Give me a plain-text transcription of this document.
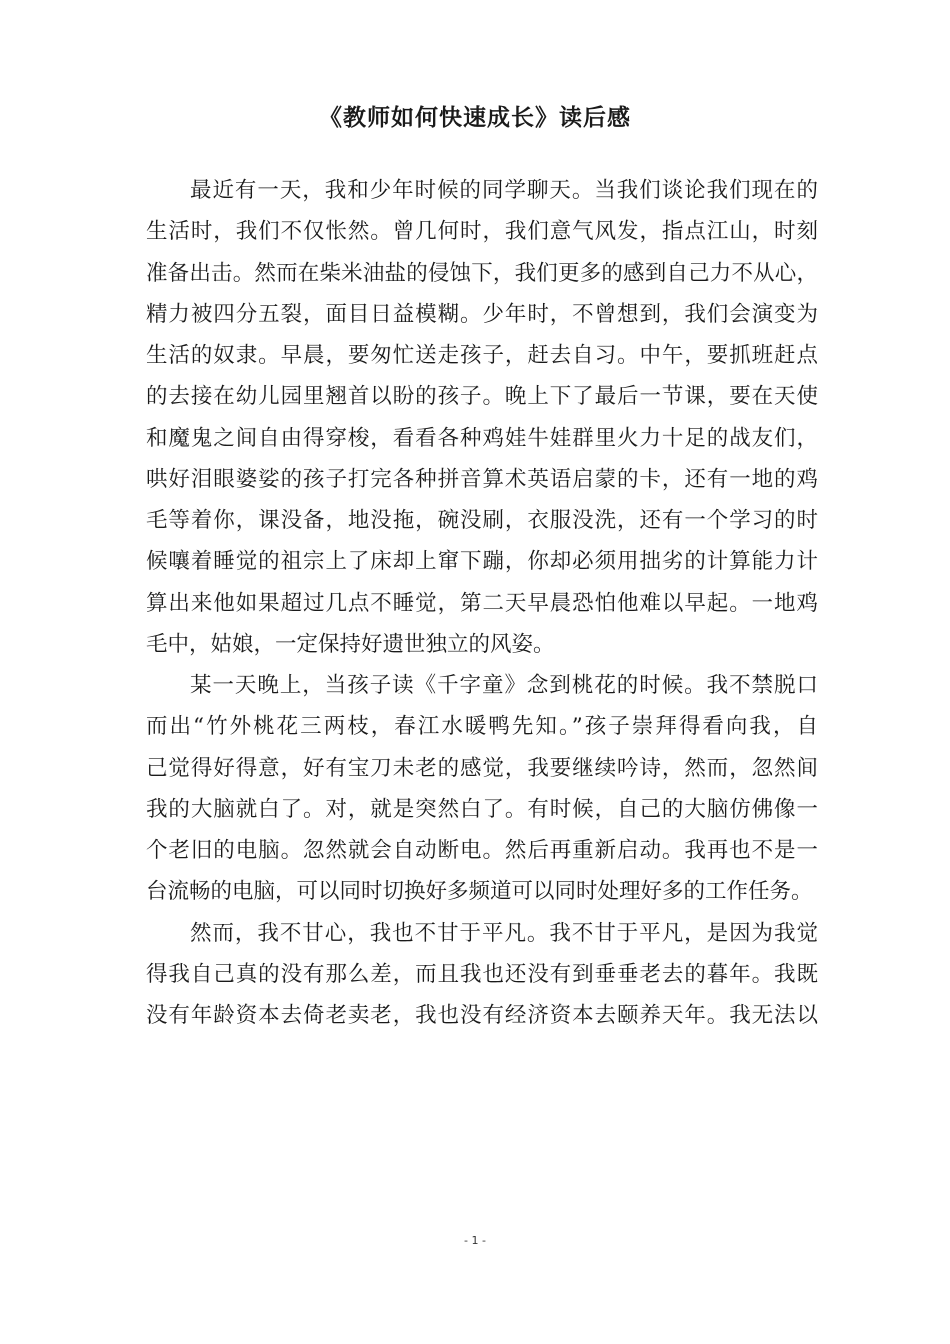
《教师如何快速成长》读后感
最近有一天，我和少年时候的同学聊天。当我们谈论我们现在的
生活时，我们不仅怅然。曾几何时，我们意气风发，指点江山，时刻
准备出击。然而在柴米油盐的侵蚀下，我们更多的感到自己力不从心，
精力被四分五裂，面目日益模糊。少年时，不曾想到，我们会演变为
生活的奴隶。早晨，要匆忙送走孩子，赶去自习。中午，要抓班赶点
的去接在幼儿园里翘首以盼的孩子。晚上下了最后一节课，要在天使
和魔鬼之间自由得穿梭，看看各种鸡娃牛娃群里火力十足的战友们，
哄好泪眼婆娑的孩子打完各种拼音算术英语启蒙的卡，还有一地的鸡
毛等着你，课没备，地没拖，碗没刷，衣服没洗，还有一个学习的时
候嚷着睡觉的祖宗上了床却上窜下蹦，你却必须用拙劣的计算能力计
算出来他如果超过几点不睡觉，第二天早晨恐怕他难以早起。一地鸡
毛中，姑娘，一定保持好遗世独立的风姿。
某一天晚上，当孩子读《千字童》念到桃花的时候。我不禁脱口
而出“竹外桃花三两枝，春江水暖鸭先知。”孩子崇拜得看向我，自
己觉得好得意，好有宝刀未老的感觉，我要继续吟诗，然而，忽然间
我的大脑就白了。对，就是突然白了。有时候，自己的大脑仿佛像一
个老旧的电脑。忽然就会自动断电。然后再重新启动。我再也不是一
台流畅的电脑，可以同时切换好多频道可以同时处理好多的工作任务。
然而，我不甘心，我也不甘于平凡。我不甘于平凡，是因为我觉
得我自己真的没有那么差，而且我也还没有到垂垂老去的暮年。我既
没有年龄资本去倚老卖老，我也没有经济资本去颐养天年。我无法以
- 1 -
